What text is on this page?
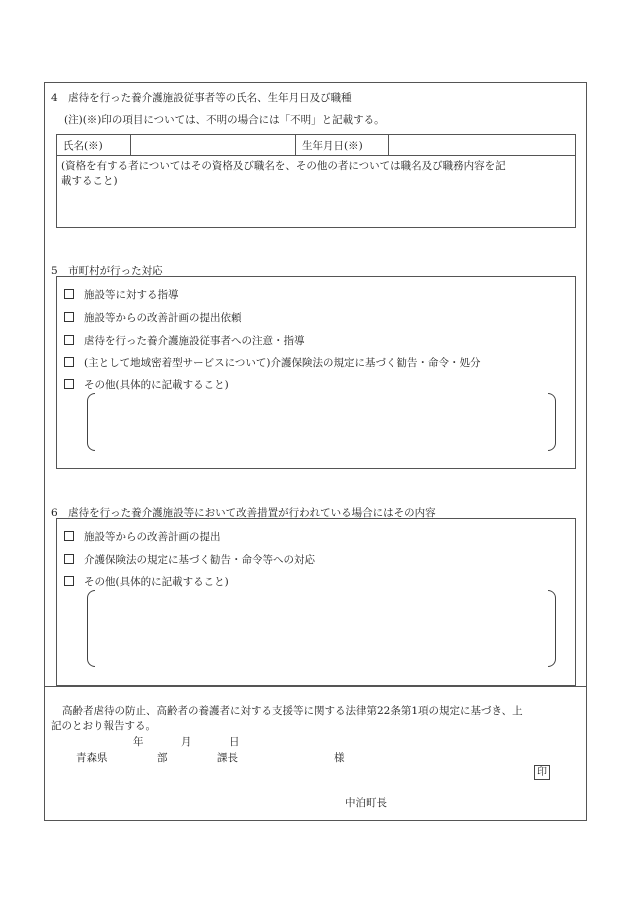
4　虐待を行った養介護施設従事者等の氏名、生年月日及び職種
(注)(※)印の項目については、不明の場合には「不明」と記載する。
氏名(※)	生年月日(※)
(資格を有する者についてはその資格及び職名を、その他の者については職名及び職務内容を記
載すること)
5　市町村が行った対応
施設等に対する指導
施設等からの改善計画の提出依頼
虐待を行った養介護施設従事者への注意・指導
(主として地域密着型サービスについて)介護保険法の規定に基づく勧告・命令・処分
その他(具体的に記載すること)
6　虐待を行った養介護施設等において改善措置が行われている場合にはその内容
施設等からの改善計画の提出
介護保険法の規定に基づく勧告・命令等への対応
その他(具体的に記載すること)
高齢者虐待の防止、高齢者の養護者に対する支援等に関する法律第22条第1項の規定に基づき、上
記のとおり報告する。
年	月	日
青森県	部	課長	様
印
中泊町長
